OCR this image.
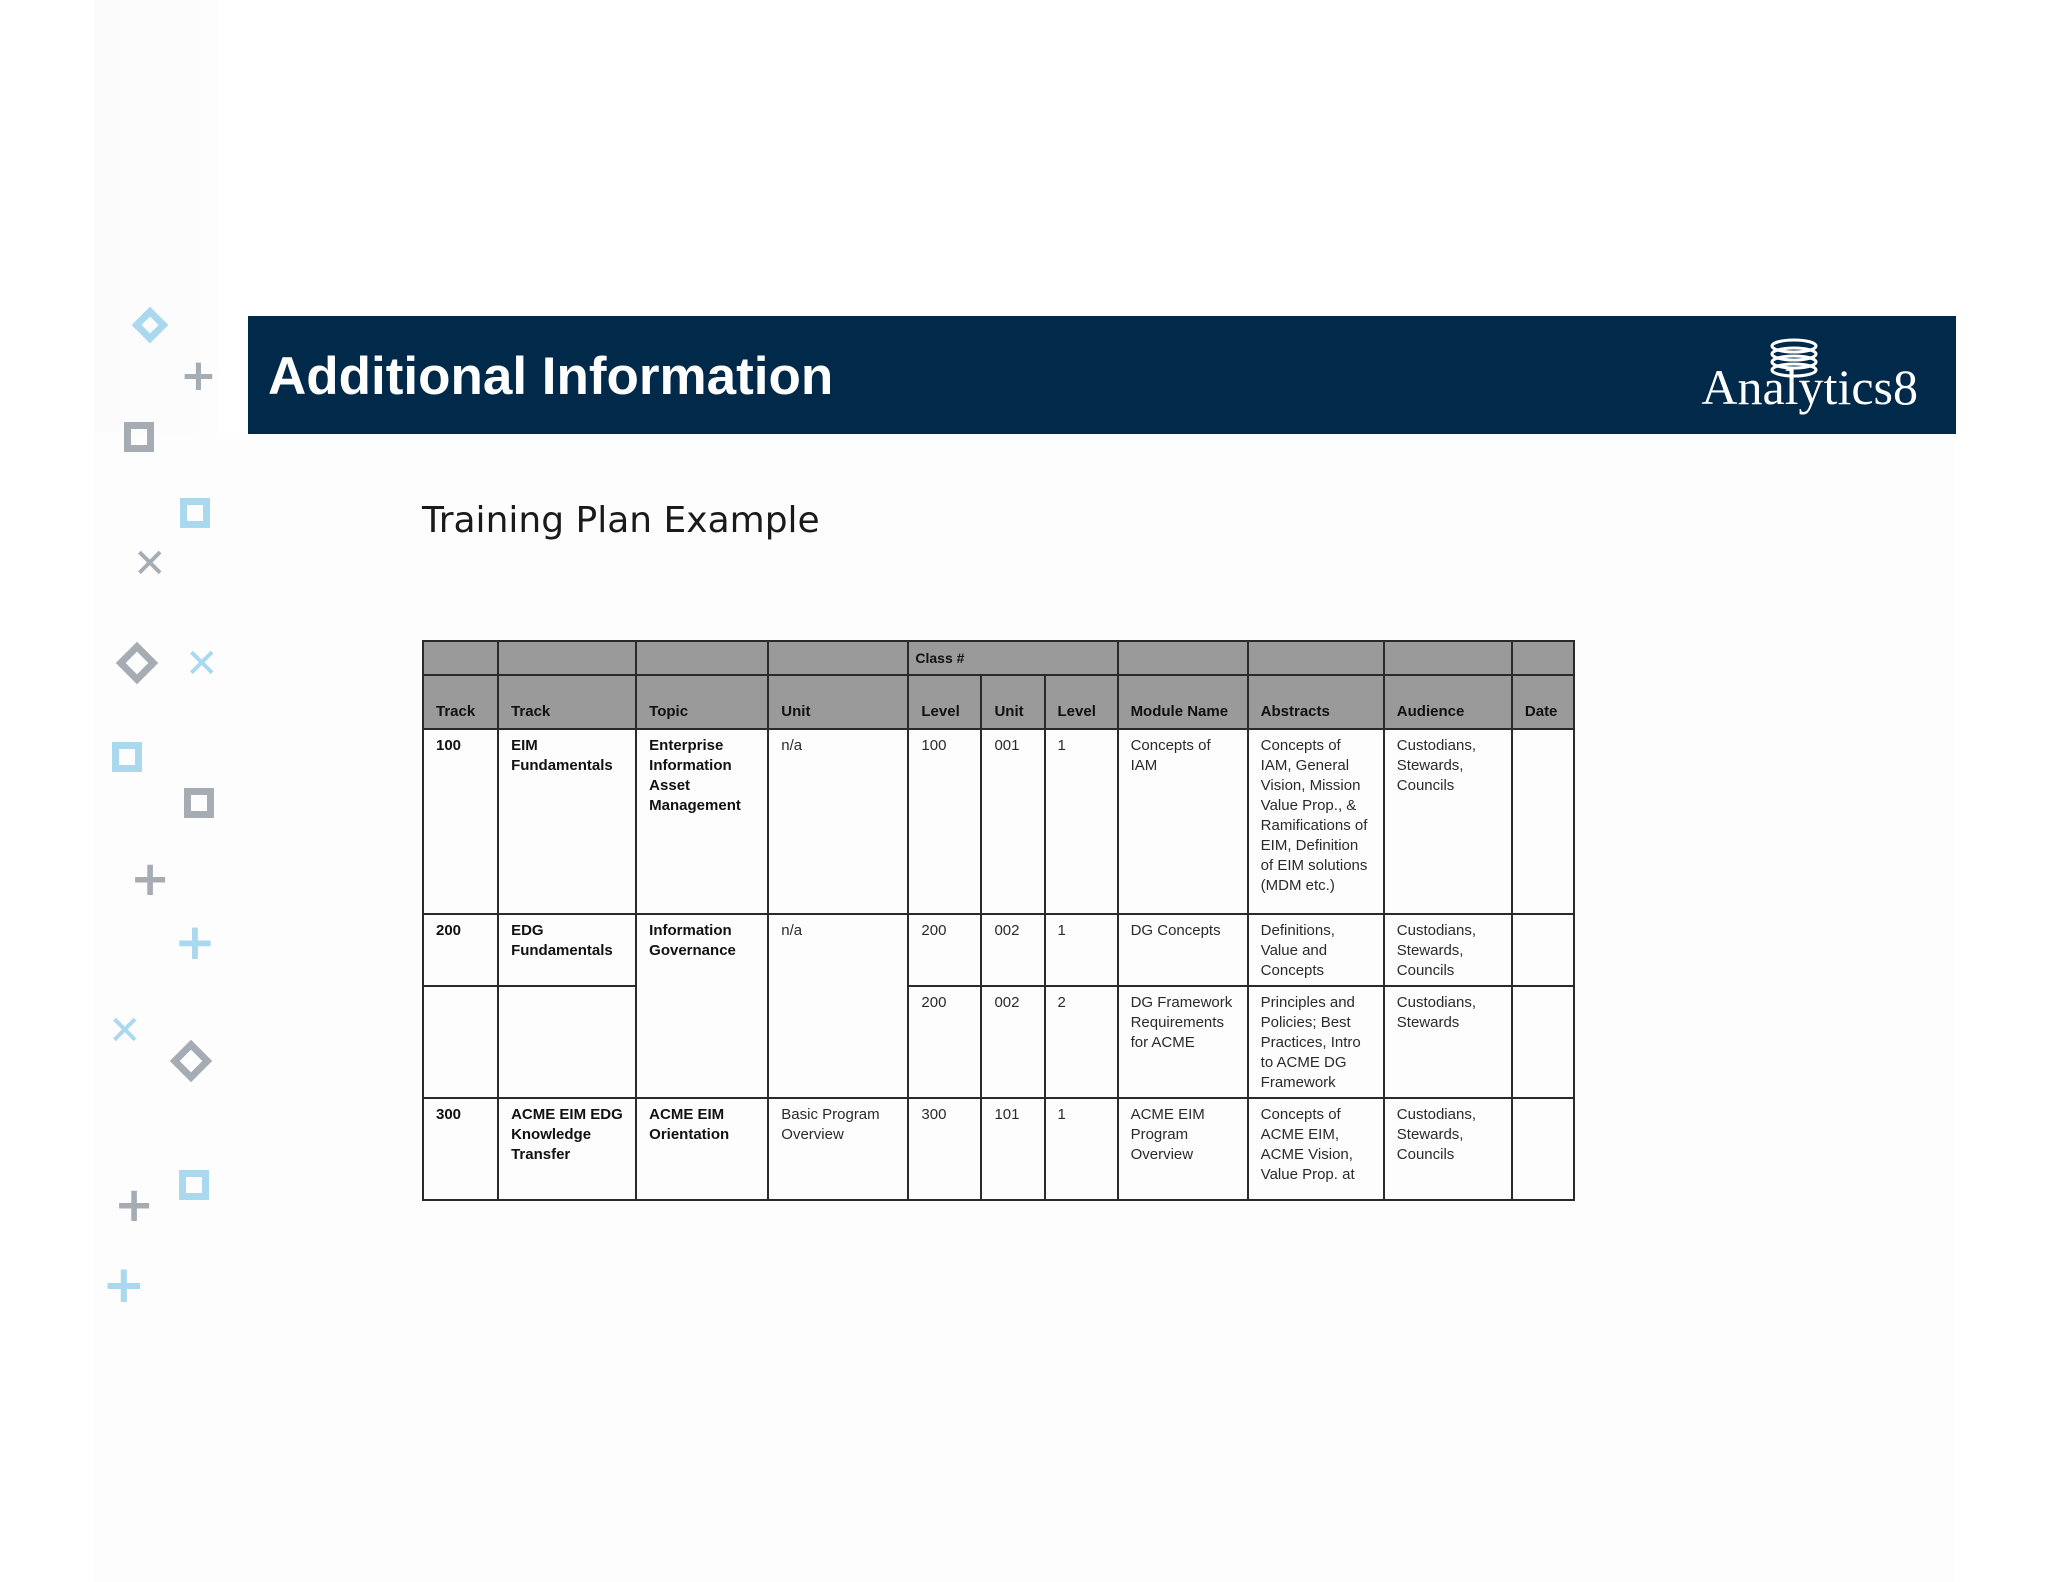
+
✕
✕
+
+
✕
+
+
Additional Information	Analytics8
Training Plan Example
				Class #						
Track	Track	Topic	Unit	Level	Unit	Level	Module Name	Abstracts	Audience	Date
100	EIM Fundamentals	Enterprise Information Asset Management	n/a	100	001	1	Concepts of IAM	Concepts of IAM, General Vision, Mission Value Prop., & Ramifications of EIM, Definition of EIM solutions (MDM etc.)	Custodians, Stewards, Councils	
200	EDG Fundamentals	Information Governance	n/a	200	002	1	DG Concepts	Definitions, Value and Concepts	Custodians, Stewards, Councils	
				200	002	2	DG Framework Requirements for ACME	Principles and Policies; Best Practices, Intro to ACME DG Framework	Custodians, Stewards	
300	ACME EIM EDG Knowledge Transfer	ACME EIM Orientation	Basic Program Overview	300	101	1	ACME EIM Program Overview	Concepts of ACME EIM, ACME Vision, Value Prop. at	Custodians, Stewards, Councils	
